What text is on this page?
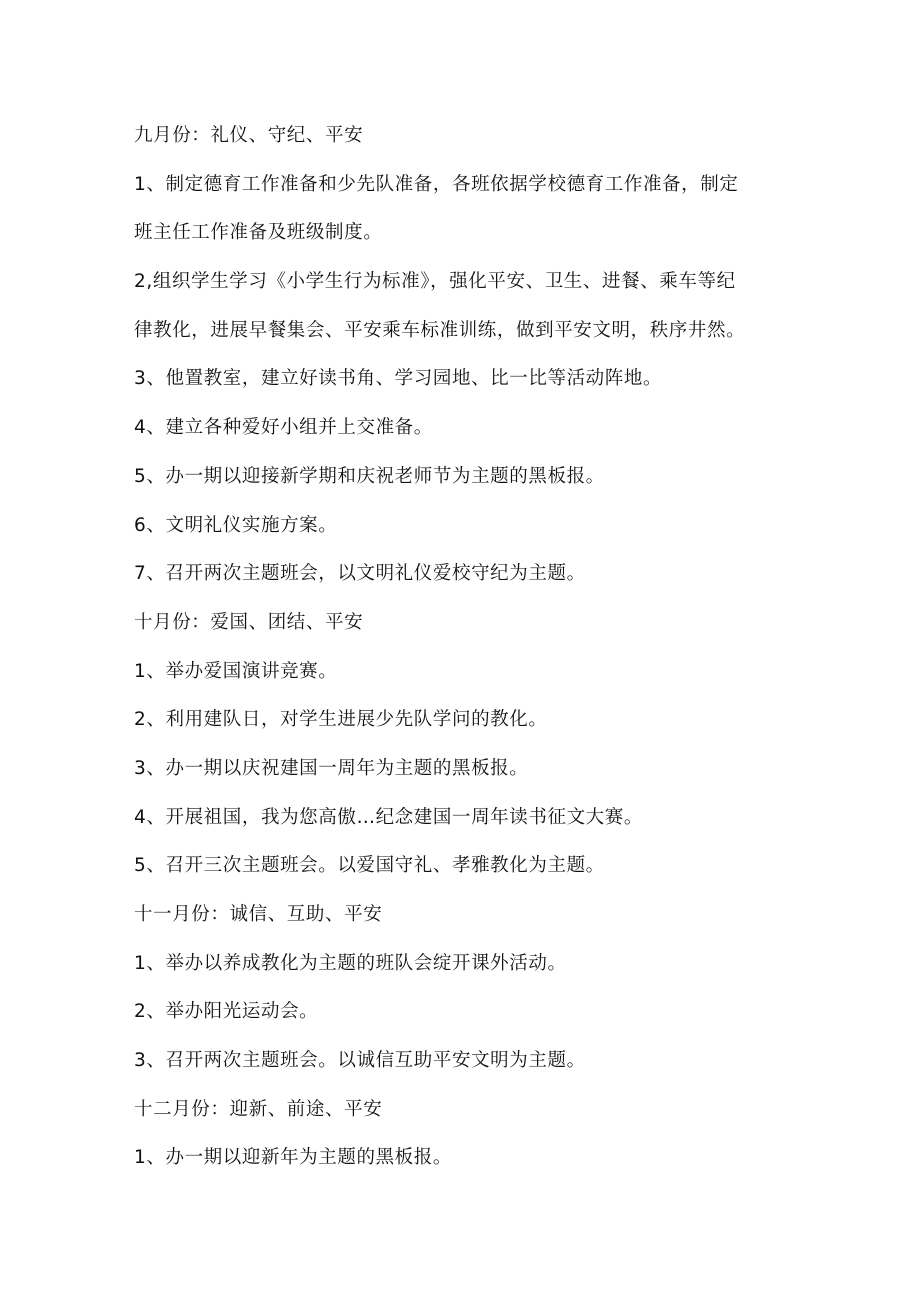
九月份：礼仪、守纪、平安

1、制定德育工作准备和少先队准备，各班依据学校德育工作准备，制定

班主任工作准备及班级制度。

2,组织学生学习《小学生行为标准》，强化平安、卫生、进餐、乘车等纪

律教化，进展早餐集会、平安乘车标准训练，做到平安文明，秩序井然。

3、他置教室，建立好读书角、学习园地、比一比等活动阵地。

4、建立各种爱好小组并上交准备。

5、办一期以迎接新学期和庆祝老师节为主题的黑板报。

6、文明礼仪实施方案。

7、召开两次主题班会，以文明礼仪爱校守纪为主题。

十月份：爱国、团结、平安

1、举办爱国演讲竞赛。

2、利用建队日，对学生进展少先队学问的教化。

3、办一期以庆祝建国一周年为主题的黑板报。

4、开展祖国，我为您高傲…纪念建国一周年读书征文大赛。

5、召开三次主题班会。以爱国守礼、孝雅教化为主题。

十一月份：诚信、互助、平安

1、举办以养成教化为主题的班队会绽开课外活动。

2、举办阳光运动会。

3、召开两次主题班会。以诚信互助平安文明为主题。

十二月份：迎新、前途、平安

1、办一期以迎新年为主题的黑板报。
